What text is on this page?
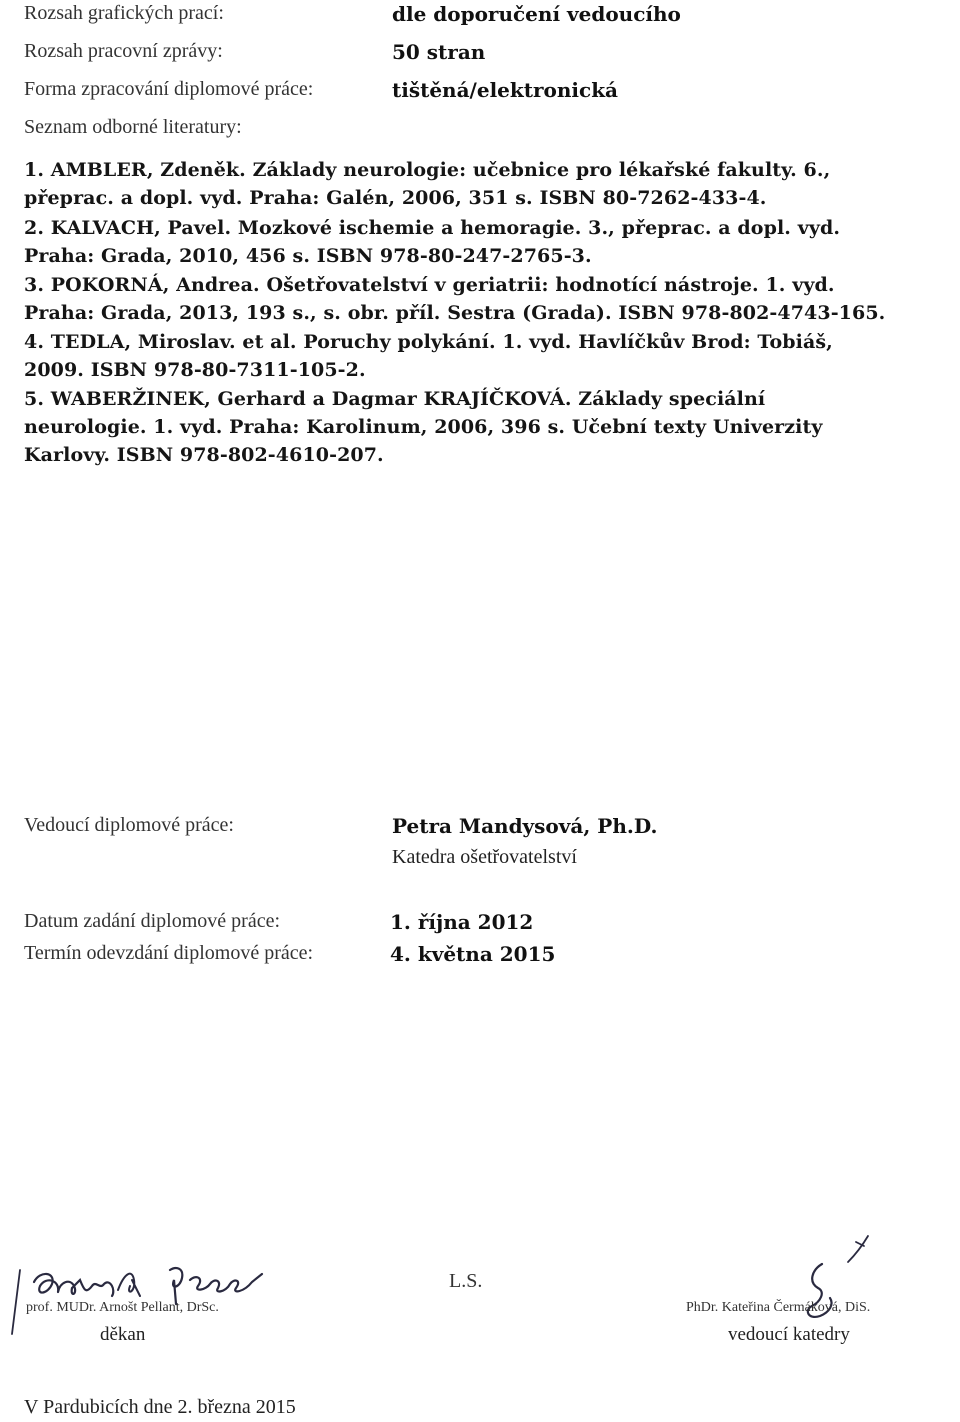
Rozsah grafických prací:	dle doporučení vedoucího
Rozsah pracovní zprávy:	50 stran
Forma zpracování diplomové práce:	tištěná/elektronická
Seznam odborné literatury:
1. AMBLER, Zdeněk. Základy neurologie: učebnice pro lékařské fakulty. 6.,
přeprac. a dopl. vyd. Praha: Galén, 2006, 351 s. ISBN 80-7262-433-4.
2. KALVACH, Pavel. Mozkové ischemie a hemoragie. 3., přeprac. a dopl. vyd.
Praha: Grada, 2010, 456 s. ISBN 978-80-247-2765-3.
3. POKORNÁ, Andrea. Ošetřovatelství v geriatrii: hodnotící nástroje. 1. vyd.
Praha: Grada, 2013, 193 s., s. obr. příl. Sestra (Grada). ISBN 978-802-4743-165.
4. TEDLA, Miroslav. et al. Poruchy polykání. 1. vyd. Havlíčkův Brod: Tobiáš,
2009. ISBN 978-80-7311-105-2.
5. WABERŽINEK, Gerhard a Dagmar KRAJÍČKOVÁ. Základy speciální
neurologie. 1. vyd. Praha: Karolinum, 2006, 396 s. Učební texty Univerzity
Karlovy. ISBN 978-802-4610-207.
Vedoucí diplomové práce:	Petra Mandysová, Ph.D.
Katedra ošetřovatelství
Datum zadání diplomové práce:	1. října 2012
Termín odevzdání diplomové práce:	4. května 2015
prof. MUDr. Arnošt Pellant, DrSc.
děkan
L.S.
PhDr. Kateřina Čermáková, DiS.
vedoucí katedry
V Pardubicích dne 2. března 2015
